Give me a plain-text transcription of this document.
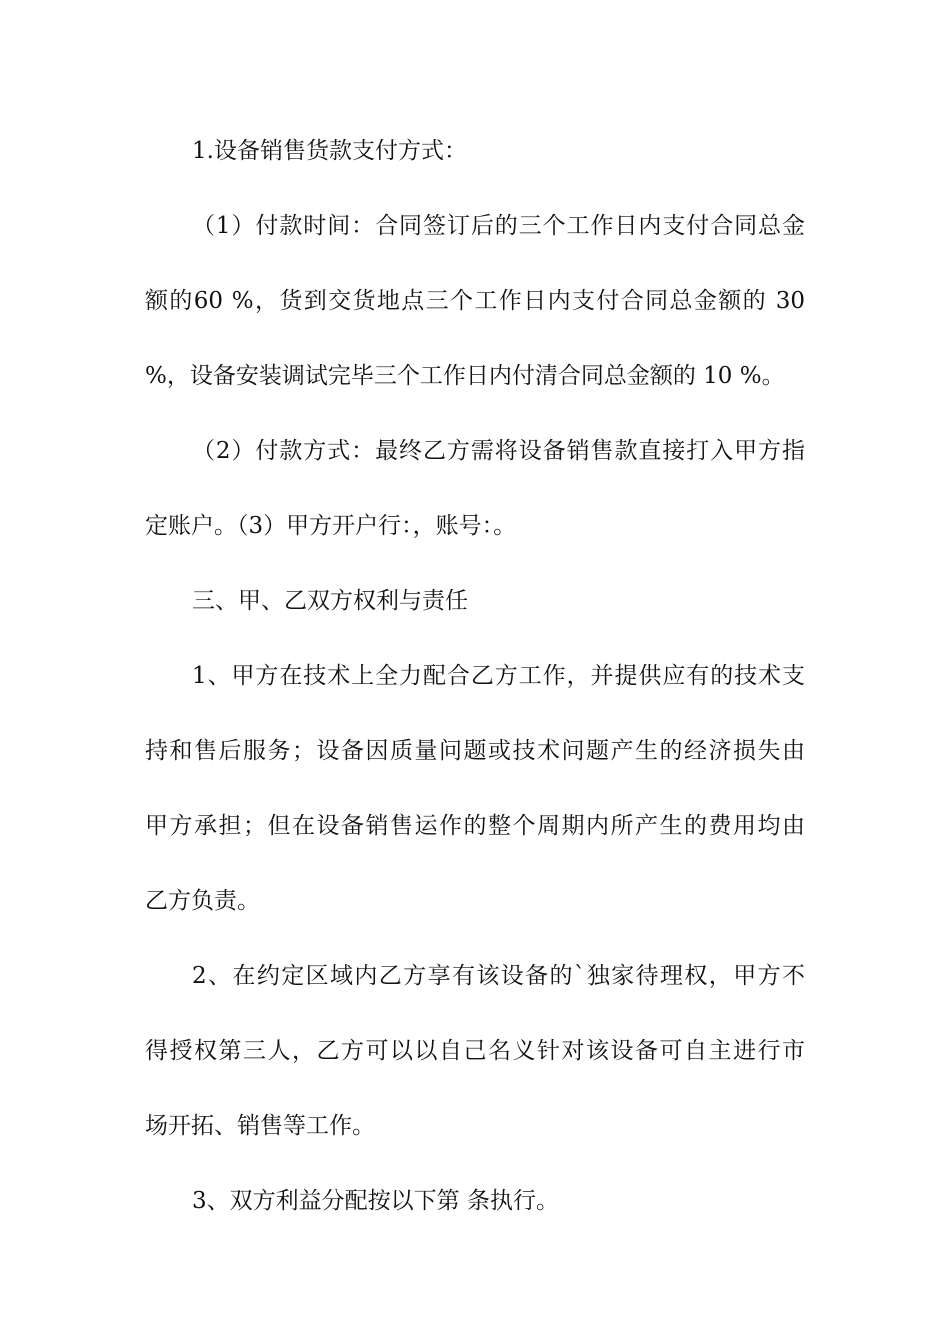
1.设备销售货款支付方式：
（1）付款时间：合同签订后的三个工作日内支付合同总金
额的60 %，货到交货地点三个工作日内支付合同总金额的 30
%，设备安装调试完毕三个工作日内付清合同总金额的 10 %。
（2）付款方式：最终乙方需将设备销售款直接打入甲方指
定账户。（3）甲方开户行：，账号：。
三、甲、乙双方权利与责任
1、甲方在技术上全力配合乙方工作，并提供应有的技术支
持和售后服务；设备因质量问题或技术问题产生的经济损失由
甲方承担；但在设备销售运作的整个周期内所产生的费用均由
乙方负责。
2、在约定区域内乙方享有该设备的`独家待理权，甲方不
得授权第三人，乙方可以以自己名义针对该设备可自主进行市
场开拓、销售等工作。
3、双方利益分配按以下第 条执行。
